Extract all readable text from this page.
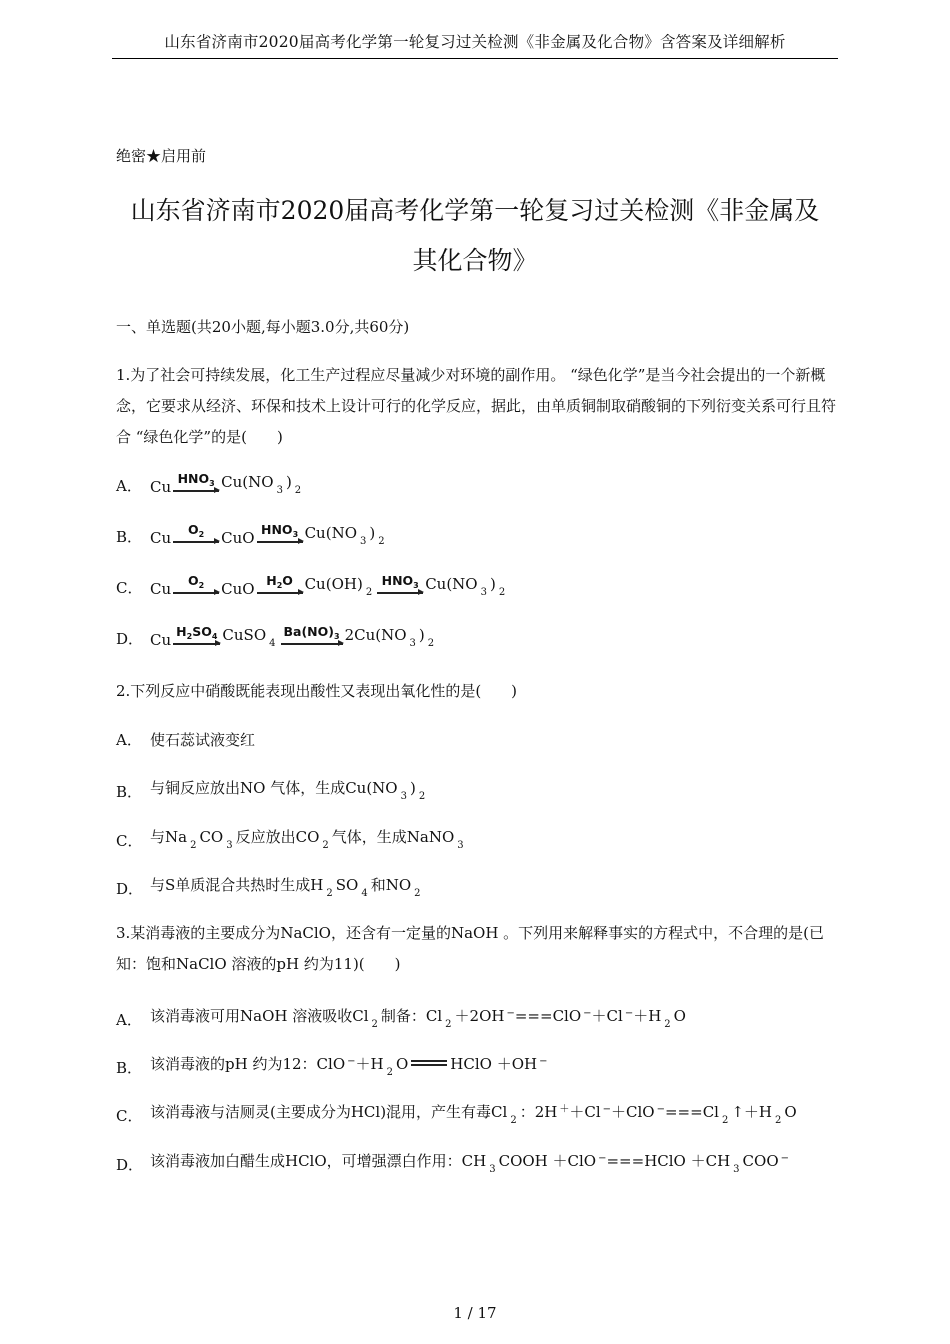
山东省济南市2020届高考化学第一轮复习过关检测《非金属及化合物》含答案及详细解析
绝密★启用前
山东省济南市2020届高考化学第一轮复习过关检测《非金属及
其化合物》
一、单选题(共20小题,每小题3.0分,共60分)
1.为了社会可持续发展，化工生产过程应尽量减少对环境的副作用。 “绿色化学”是当今社会提出的一个新概念，它要求从经济、环保和技术上设计可行的化学反应，据此，由单质铜制取硝酸铜的下列衍变关系可行且符合 “绿色化学”的是(　　)
A． Cu $HNO_3$ Cu(NO $_3$ ) $_2$
B． Cu $O_2$ CuO $HNO_3$ Cu(NO $_3$ ) $_2$
C． Cu $O_2$ CuO $H_2O$ Cu(OH) $_2$
$HNO_3$ Cu(NO $_3$ ) $_2$
D． Cu $H_2SO_4$ CuSO $_4$
$Ba(NO)_3$ 2Cu(NO $_3$ ) $_2$
2.下列反应中硝酸既能表现出酸性又表现出氧化性的是(　　)
A． 使石蕊试液变红
B． 与铜反应放出NO 气体，生成Cu(NO $_3$ ) $_2$
C． 与Na $_2$ CO $_3$ 反应放出CO $_2$ 气体，生成NaNO $_3$
D． 与S单质混合共热时生成H $_2$ SO $_4$ 和NO $_2$
3.某消毒液的主要成分为NaClO，还含有一定量的NaOH 。下列用来解释事实的方程式中，不合理的是(已知：饱和NaClO 溶液的pH 约为11)(　　)
A． 该消毒液可用NaOH 溶液吸收Cl $_2$ 制备：Cl $_2$ ＋2OH −===ClO −＋Cl −＋H $_2$ O
B． 该消毒液的pH 约为12：ClO −＋H $_2$ O	HClO ＋OH −
C． 该消毒液与洁厕灵(主要成分为HCl)混用，产生有毒Cl $_2$ ：2H ＋＋Cl −＋ClO −===Cl $_2$ ↑＋H $_2$ O
D． 该消毒液加白醋生成HClO，可增强漂白作用：CH $_3$ COOH ＋ClO −===HClO ＋CH $_3$ COO −
1 / 17
